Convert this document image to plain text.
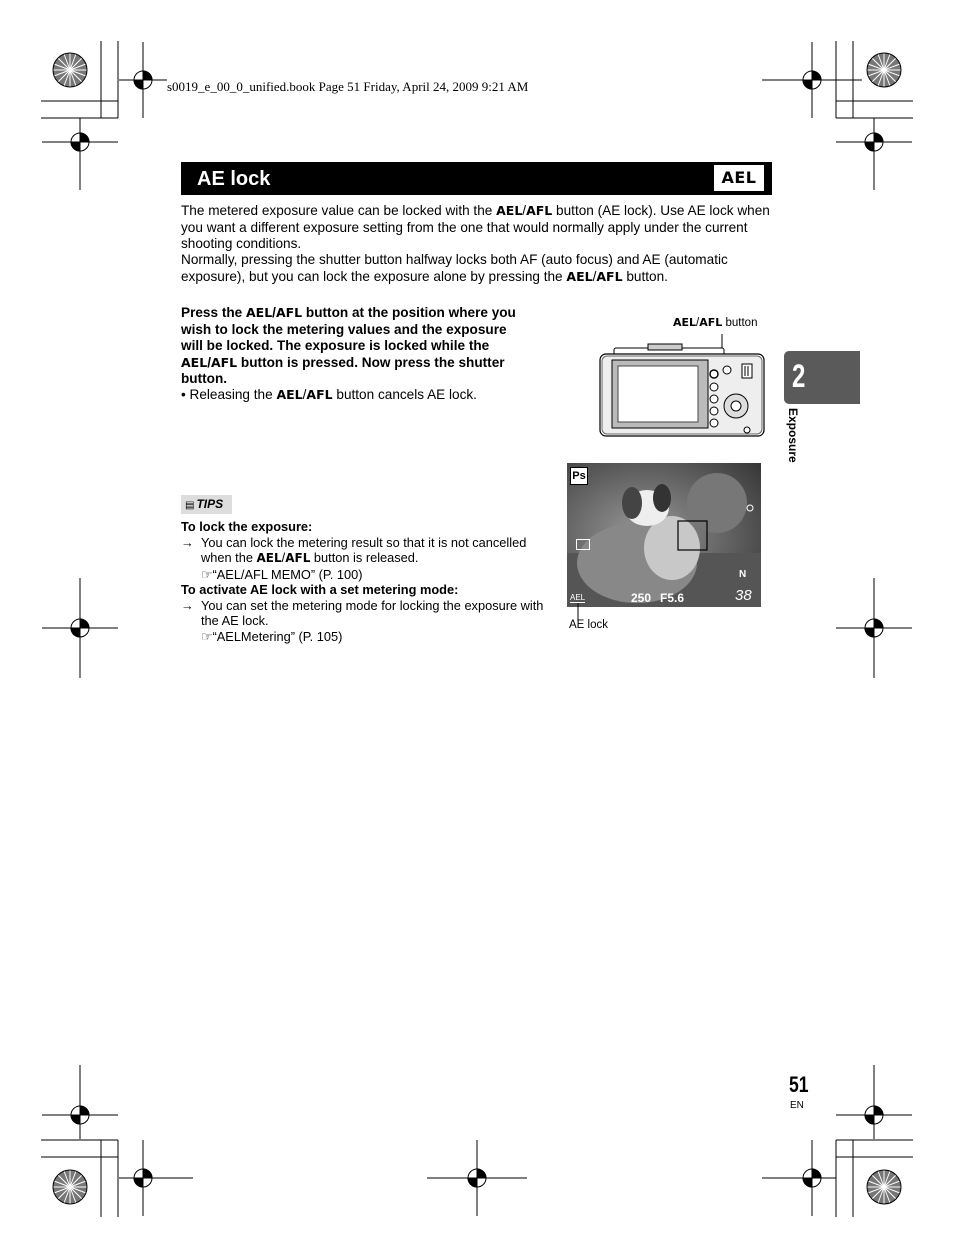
s0019_e_00_0_unified.book Page 51 Friday, April 24, 2009 9:21 AM
AE lock	AEL
The metered exposure value can be locked with the AEL/AFL button (AE lock). Use AE lock when you want a different exposure setting from the one that would normally apply under the current shooting conditions.
Normally, pressing the shutter button halfway locks both AF (auto focus) and AE (automatic exposure), but you can lock the exposure alone by pressing the AEL/AFL button.
Press the AEL/AFL button at the position where you wish to lock the metering values and the exposure will be locked. The exposure is locked while the AEL/AFL button is pressed. Now press the shutter button.
• Releasing the AEL/AFL button cancels AE lock.
AEL/AFL button
Ps
N
AEL	250 F5.6	38
AE lock
▤ TIPS
To lock the exposure:
→ You can lock the metering result so that it is not cancelled when the AEL/AFL button is released.
☞“AEL/AFL MEMO” (P. 100)
To activate AE lock with a set metering mode:
→ You can set the metering mode for locking the exposure with the AE lock.
☞“AELMetering” (P. 105)
2
Exposure
51
EN
